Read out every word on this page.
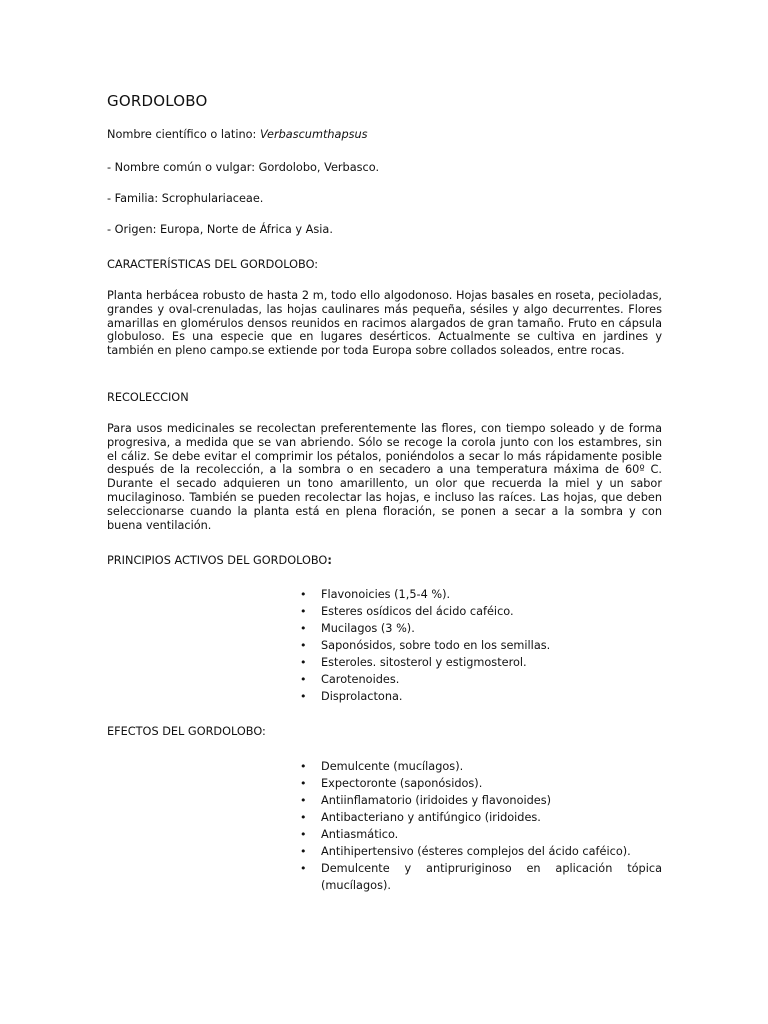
GORDOLOBO
Nombre científico o latino: Verbascumthapsus
- Nombre común o vulgar: Gordolobo, Verbasco.
- Familia: Scrophulariaceae.
- Origen: Europa, Norte de África y Asia.
CARACTERÍSTICAS DEL GORDOLOBO:

Planta herbácea robusto de hasta 2 m, todo ello algodonoso. Hojas basales en roseta, pecioladas, grandes y oval-crenuladas, las hojas caulinares más pequeña, sésiles y algo decurrentes. Flores amarillas en glomérulos densos reunidos en racimos alargados de gran tamaño. Fruto en cápsula globuloso. Es una especie que en lugares desérticos. Actualmente se cultiva en jardines y también en pleno campo.se extiende por toda Europa sobre collados soleados, entre rocas.

RECOLECCION

Para usos medicinales se recolectan preferentemente las flores, con tiempo soleado y de forma progresiva, a medida que se van abriendo. Sólo se recoge la corola junto con los estambres, sin el cáliz. Se debe evitar el comprimir los pétalos, poniéndolos a secar lo más rápidamente posible después de la recolección, a la sombra o en secadero a una temperatura máxima de 60º C. Durante el secado adquieren un tono amarillento, un olor que recuerda la miel y un sabor mucilaginoso. También se pueden recolectar las hojas, e incluso las raíces. Las hojas, que deben seleccionarse cuando la planta está en plena floración, se ponen a secar a la sombra y con buena ventilación.

PRINCIPIOS ACTIVOS DEL GORDOLOBO:
• Flavonoicies (1,5-4 %).
• Esteres osídicos del ácido caféico.
• Mucilagos (3 %).
• Saponósidos, sobre todo en los semillas.
• Esteroles. sitosterol y estigmosterol.
• Carotenoides.
• Disprolactona.
EFECTOS DEL GORDOLOBO:
• Demulcente (mucílagos).
• Expectoronte (saponósidos).
• Antiinflamatorio (iridoides y flavonoides)
• Antibacteriano y antifúngico (iridoides.
• Antiasmático.
• Antihipertensivo (ésteres complejos del ácido caféico).
• Demulcente y antipruriginoso en aplicación tópica (mucílagos).
